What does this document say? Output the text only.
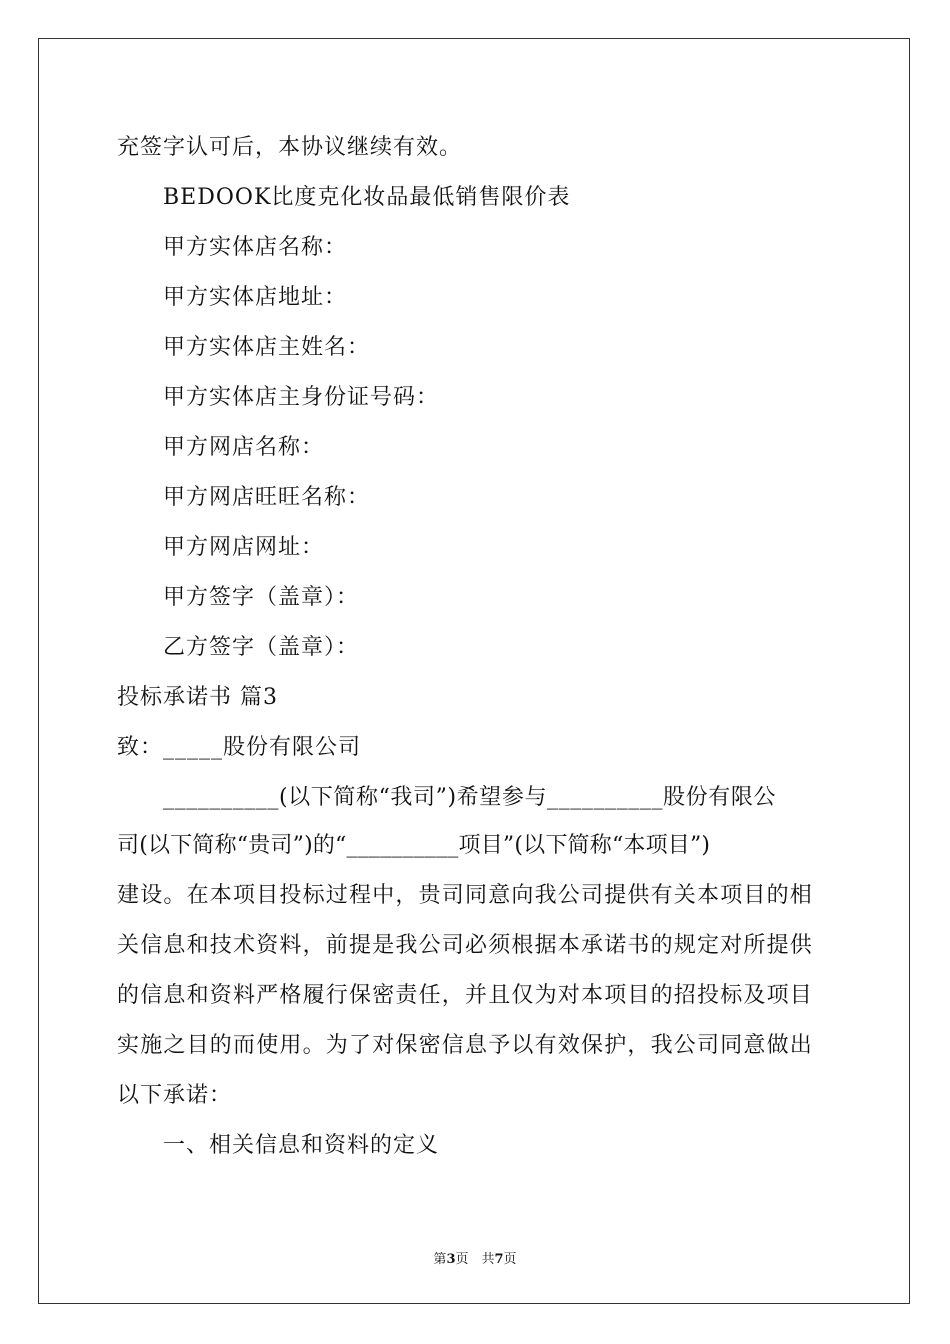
充签字认可后，本协议继续有效。
BEDOOK比度克化妆品最低销售限价表
甲方实体店名称：
甲方实体店地址：
甲方实体店主姓名：
甲方实体店主身份证号码：
甲方网店名称：
甲方网店旺旺名称：
甲方网店网址：
甲方签字（盖章）：
乙方签字（盖章）：
投标承诺书 篇3
致：_____股份有限公司
__________(以下简称“我司”)希望参与__________股份有限公
司(以下简称“贵司”)的“__________项目”(以下简称“本项目”)
建设。在本项目投标过程中，贵司同意向我公司提供有关本项目的相
关信息和技术资料，前提是我公司必须根据本承诺书的规定对所提供
的信息和资料严格履行保密责任，并且仅为对本项目的招投标及项目
实施之目的而使用。为了对保密信息予以有效保护，我公司同意做出
以下承诺：
一、相关信息和资料的定义
第3页　共7页
